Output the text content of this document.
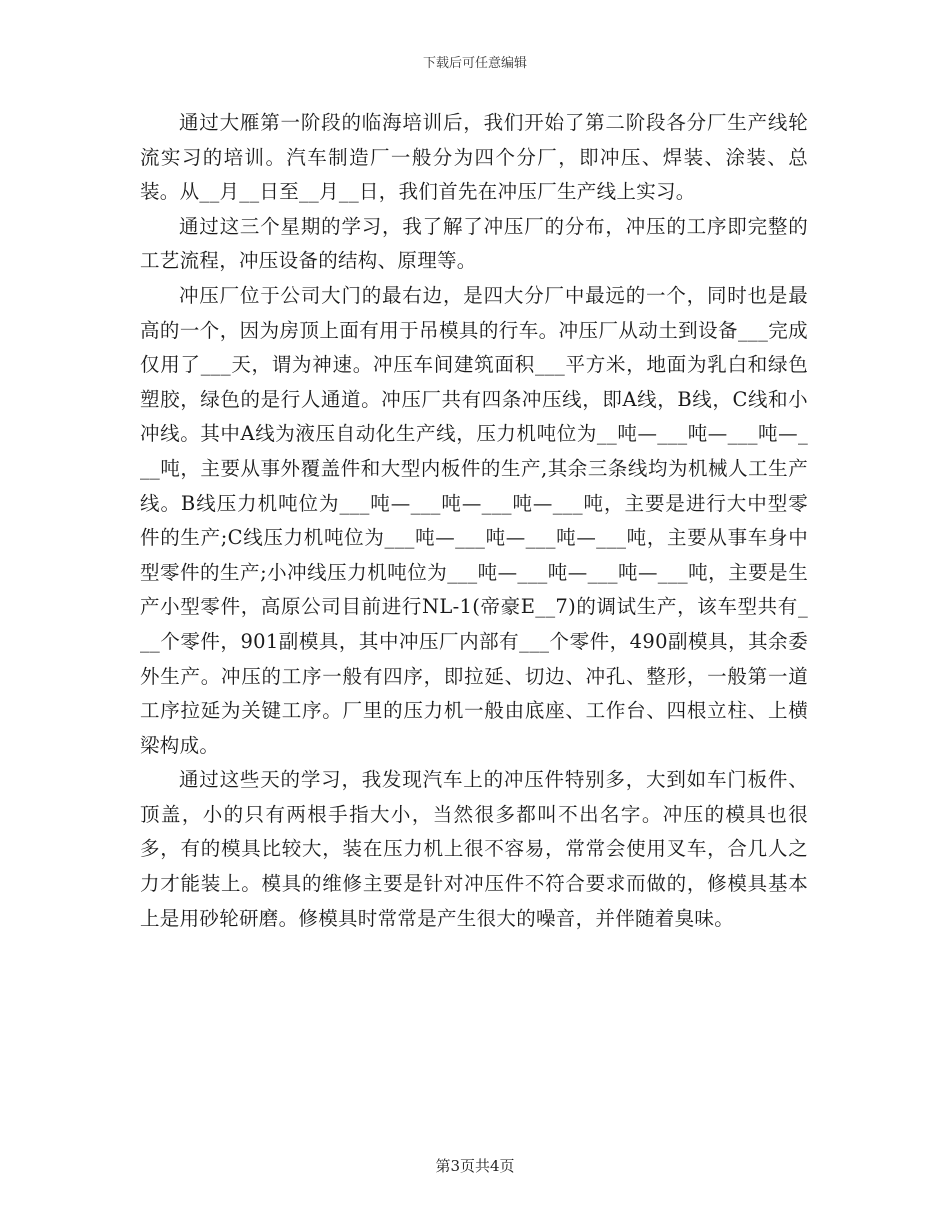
下载后可任意编辑

通过大雁第一阶段的临海培训后，我们开始了第二阶段各分厂生产线轮流实习的培训。汽车制造厂一般分为四个分厂，即冲压、焊装、涂装、总装。从__月__日至__月__日，我们首先在冲压厂生产线上实习。

通过这三个星期的学习，我了解了冲压厂的分布，冲压的工序即完整的工艺流程，冲压设备的结构、原理等。

冲压厂位于公司大门的最右边，是四大分厂中最远的一个，同时也是最高的一个，因为房顶上面有用于吊模具的行车。冲压厂从动土到设备___完成仅用了___天，谓为神速。冲压车间建筑面积___平方米，地面为乳白和绿色塑胶，绿色的是行人通道。冲压厂共有四条冲压线，即A线，B线，C线和小冲线。其中A线为液压自动化生产线，压力机吨位为__吨—___吨—___吨—___吨，主要从事外覆盖件和大型内板件的生产,其余三条线均为机械人工生产线。B线压力机吨位为___吨—___吨—___吨—___吨，主要是进行大中型零件的生产;C线压力机吨位为___吨—___吨—___吨—___吨，主要从事车身中型零件的生产;小冲线压力机吨位为___吨—___吨—___吨—___吨，主要是生产小型零件，高原公司目前进行NL-1(帝豪E__7)的调试生产，该车型共有___个零件，901副模具，其中冲压厂内部有___个零件，490副模具，其余委外生产。冲压的工序一般有四序，即拉延、切边、冲孔、整形，一般第一道工序拉延为关键工序。厂里的压力机一般由底座、工作台、四根立柱、上横梁构成。

通过这些天的学习，我发现汽车上的冲压件特别多，大到如车门板件、顶盖，小的只有两根手指大小，当然很多都叫不出名字。冲压的模具也很多，有的模具比较大，装在压力机上很不容易，常常会使用叉车，合几人之力才能装上。模具的维修主要是针对冲压件不符合要求而做的，修模具基本上是用砂轮研磨。修模具时常常是产生很大的噪音，并伴随着臭味。

第3页共4页
